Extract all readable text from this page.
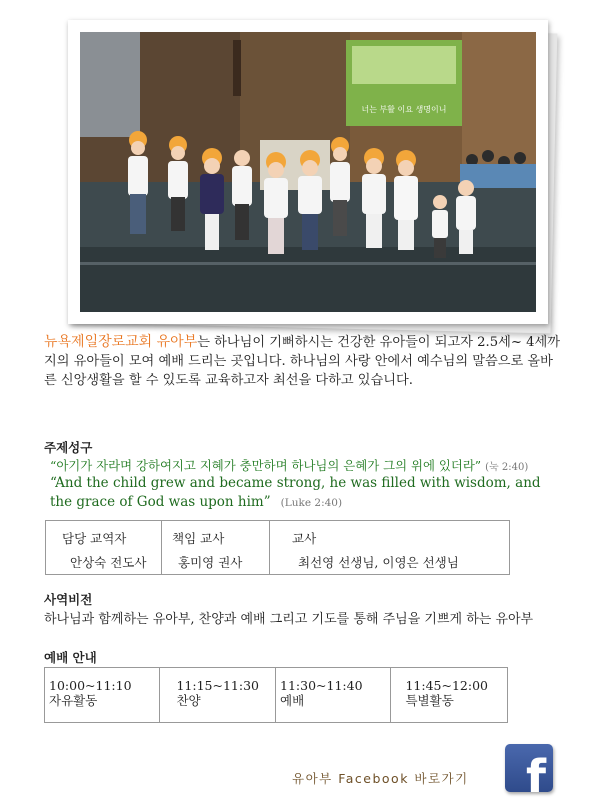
너는 부활 이요 생명이니
뉴욕제일장로교회 유아부는 하나님이 기뻐하시는 건강한 유아들이 되고자 2.5세~ 4세까지의 유아들이 모여 예배 드리는 곳입니다. 하나님의 사랑 안에서 예수님의 말씀으로 올바른 신앙생활을 할 수 있도록 교육하고자 최선을 다하고 있습니다.
주제성구
“아기가 자라며 강하여지고 지혜가 충만하며 하나님의 은혜가 그의 위에 있더라” (눅 2:40)
“And the child grew and became strong, he was filled with wisdom, and the grace of God was upon him” (Luke 2:40)
담당 교역자
안상숙 전도사
책임 교사
홍미영 권사
교사
최선영 선생님, 이영은 선생님
사역비전
하나님과 함께하는 유아부, 찬양과 예배 그리고 기도를 통해 주님을 기쁘게 하는 유아부
예배 안내
10:00~11:10
자유활동
11:15~11:30
찬양
11:30~11:40
예배
11:45~12:00
특별활동
유아부 Facebook 바로가기 f
